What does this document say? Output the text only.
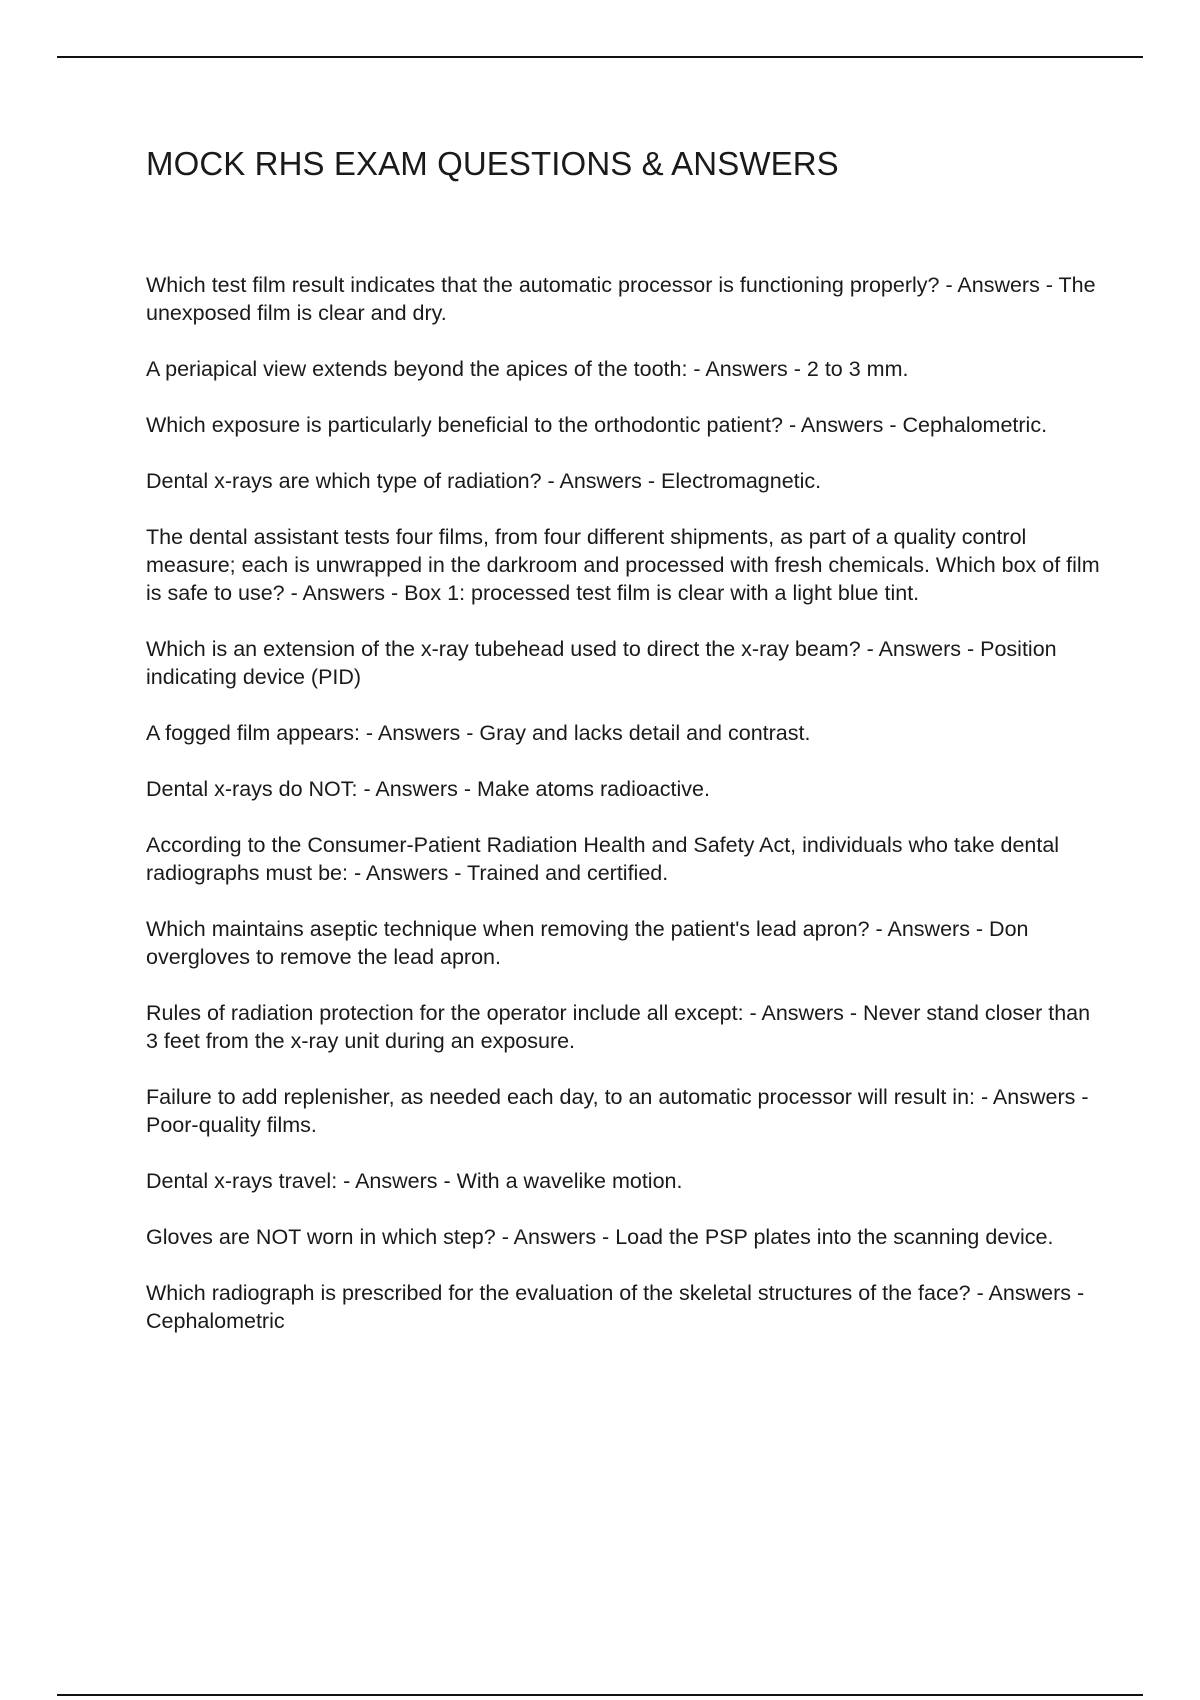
MOCK RHS EXAM QUESTIONS & ANSWERS
Which test film result indicates that the automatic processor is functioning properly? - Answers - The unexposed film is clear and dry.
A periapical view extends beyond the apices of the tooth: - Answers - 2 to 3 mm.
Which exposure is particularly beneficial to the orthodontic patient? - Answers - Cephalometric.
Dental x-rays are which type of radiation? - Answers - Electromagnetic.
The dental assistant tests four films, from four different shipments, as part of a quality control measure; each is unwrapped in the darkroom and processed with fresh chemicals. Which box of film is safe to use? - Answers - Box 1: processed test film is clear with a light blue tint.
Which is an extension of the x-ray tubehead used to direct the x-ray beam? - Answers - Position indicating device (PID)
A fogged film appears: - Answers - Gray and lacks detail and contrast.
Dental x-rays do NOT: - Answers - Make atoms radioactive.
According to the Consumer-Patient Radiation Health and Safety Act, individuals who take dental radiographs must be: - Answers - Trained and certified.
Which maintains aseptic technique when removing the patient's lead apron? - Answers - Don overgloves to remove the lead apron.
Rules of radiation protection for the operator include all except: - Answers - Never stand closer than 3 feet from the x-ray unit during an exposure.
Failure to add replenisher, as needed each day, to an automatic processor will result in: - Answers - Poor-quality films.
Dental x-rays travel: - Answers - With a wavelike motion.
Gloves are NOT worn in which step? - Answers - Load the PSP plates into the scanning device.
Which radiograph is prescribed for the evaluation of the skeletal structures of the face? - Answers - Cephalometric
